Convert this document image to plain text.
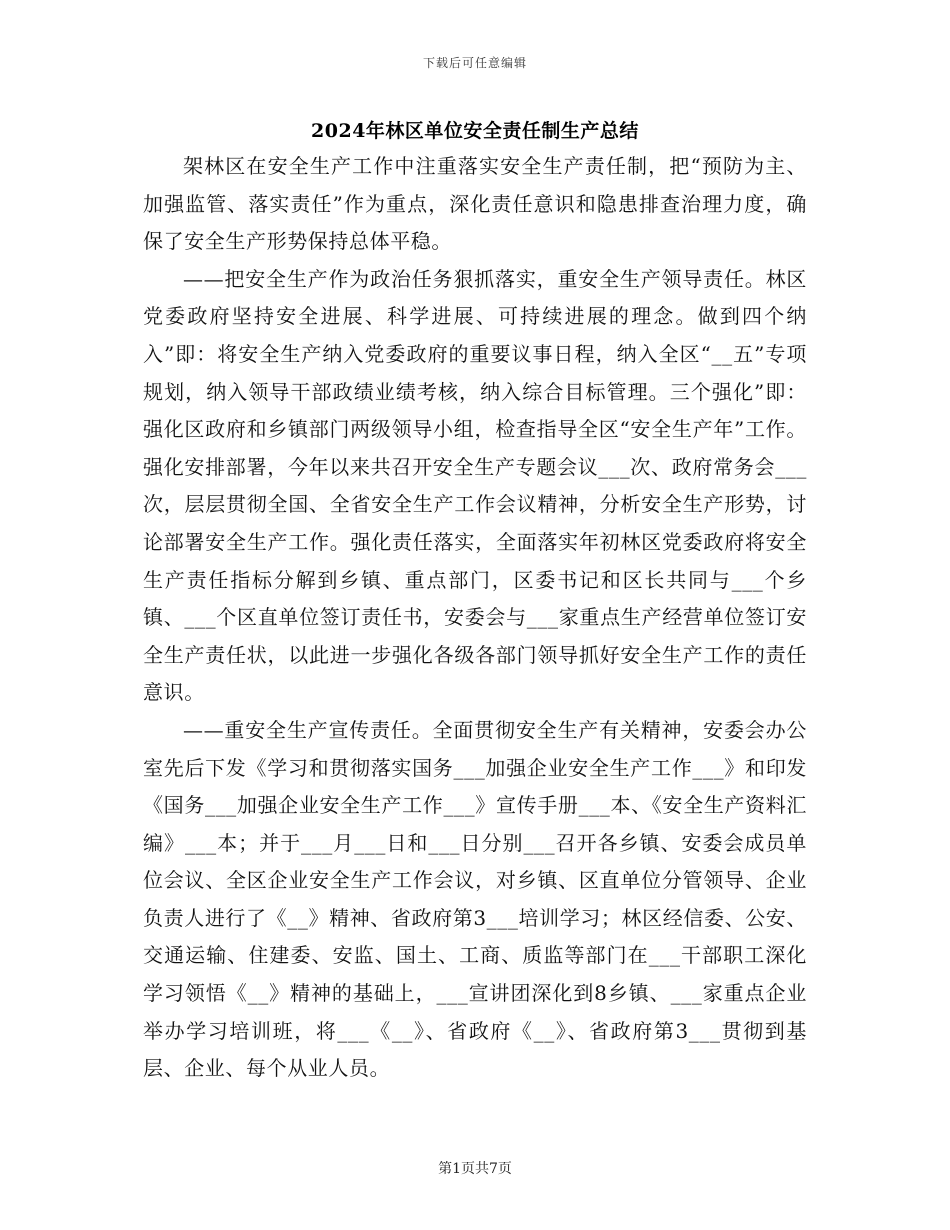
下载后可任意编辑
2024年林区单位安全责任制生产总结

架林区在安全生产工作中注重落实安全生产责任制，把“预防为主、加强监管、落实责任”作为重点，深化责任意识和隐患排查治理力度，确保了安全生产形势保持总体平稳。

——把安全生产作为政治任务狠抓落实，重安全生产领导责任。林区党委政府坚持安全进展、科学进展、可持续进展的理念。做到四个纳入”即：将安全生产纳入党委政府的重要议事日程，纳入全区“__五”专项规划，纳入领导干部政绩业绩考核，纳入综合目标管理。三个强化”即：强化区政府和乡镇部门两级领导小组，检查指导全区“安全生产年”工作。强化安排部署，今年以来共召开安全生产专题会议___次、政府常务会___次，层层贯彻全国、全省安全生产工作会议精神，分析安全生产形势，讨论部署安全生产工作。强化责任落实，全面落实年初林区党委政府将安全生产责任指标分解到乡镇、重点部门，区委书记和区长共同与___个乡镇、___个区直单位签订责任书，安委会与___家重点生产经营单位签订安全生产责任状，以此进一步强化各级各部门领导抓好安全生产工作的责任意识。

——重安全生产宣传责任。全面贯彻安全生产有关精神，安委会办公室先后下发《学习和贯彻落实国务___加强企业安全生产工作___》和印发《国务___加强企业安全生产工作___》宣传手册___本、《安全生产资料汇编》___本；并于___月___日和___日分别___召开各乡镇、安委会成员单位会议、全区企业安全生产工作会议，对乡镇、区直单位分管领导、企业负责人进行了《__》精神、省政府第3___培训学习；林区经信委、公安、交通运输、住建委、安监、国土、工商、质监等部门在___干部职工深化学习领悟《__》精神的基础上，___宣讲团深化到8乡镇、___家重点企业举办学习培训班，将___《__》、省政府《__》、省政府第3___贯彻到基层、企业、每个从业人员。

第1页共7页
